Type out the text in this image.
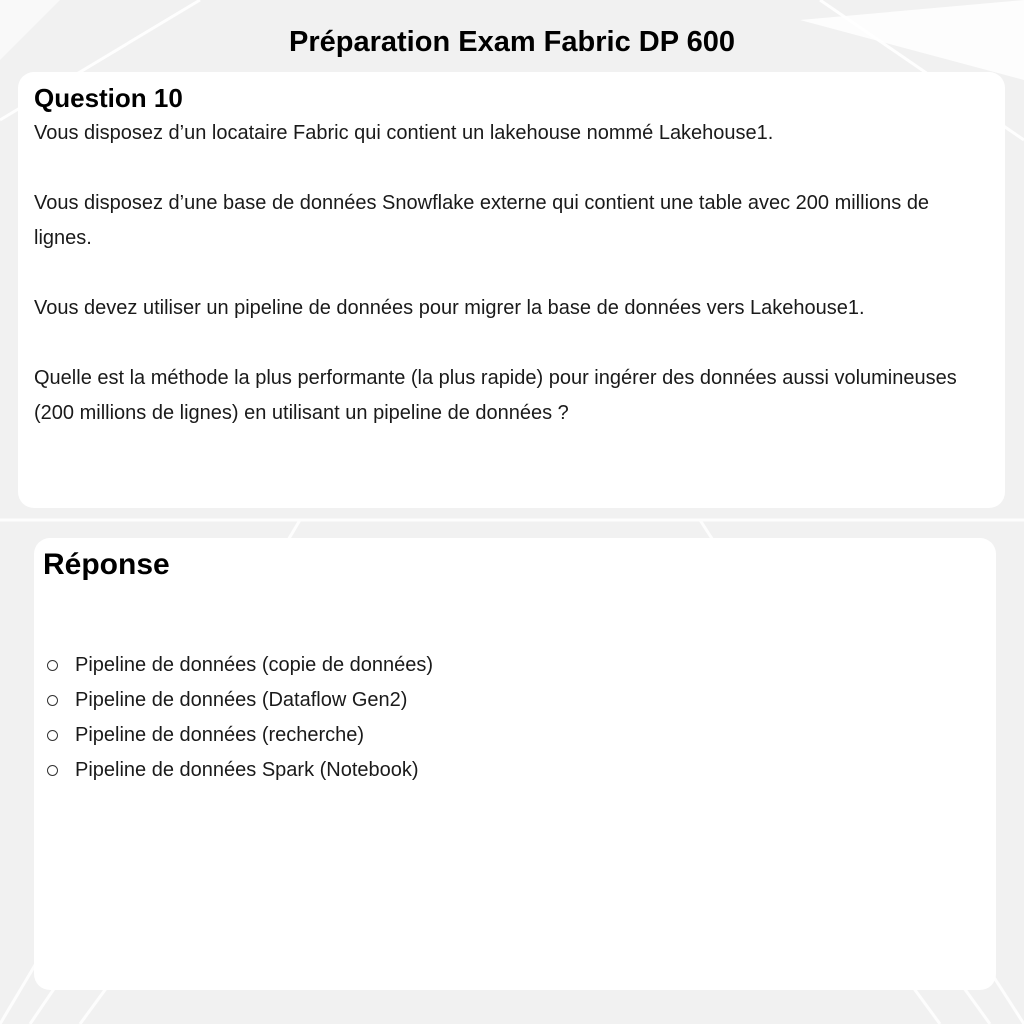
Préparation Exam Fabric DP 600
Question 10

Vous disposez d’un locataire Fabric qui contient un lakehouse nommé Lakehouse1.

Vous disposez d’une base de données Snowflake externe qui contient une table avec 200 millions de lignes.

Vous devez utiliser un pipeline de données pour migrer la base de données vers Lakehouse1.

Quelle est la méthode la plus performante (la plus rapide) pour ingérer des données aussi volumineuses (200 millions de lignes) en utilisant un pipeline de données ?

Réponse
Pipeline de données (copie de données)
Pipeline de données (Dataflow Gen2)
Pipeline de données (recherche)
Pipeline de données Spark (Notebook)
